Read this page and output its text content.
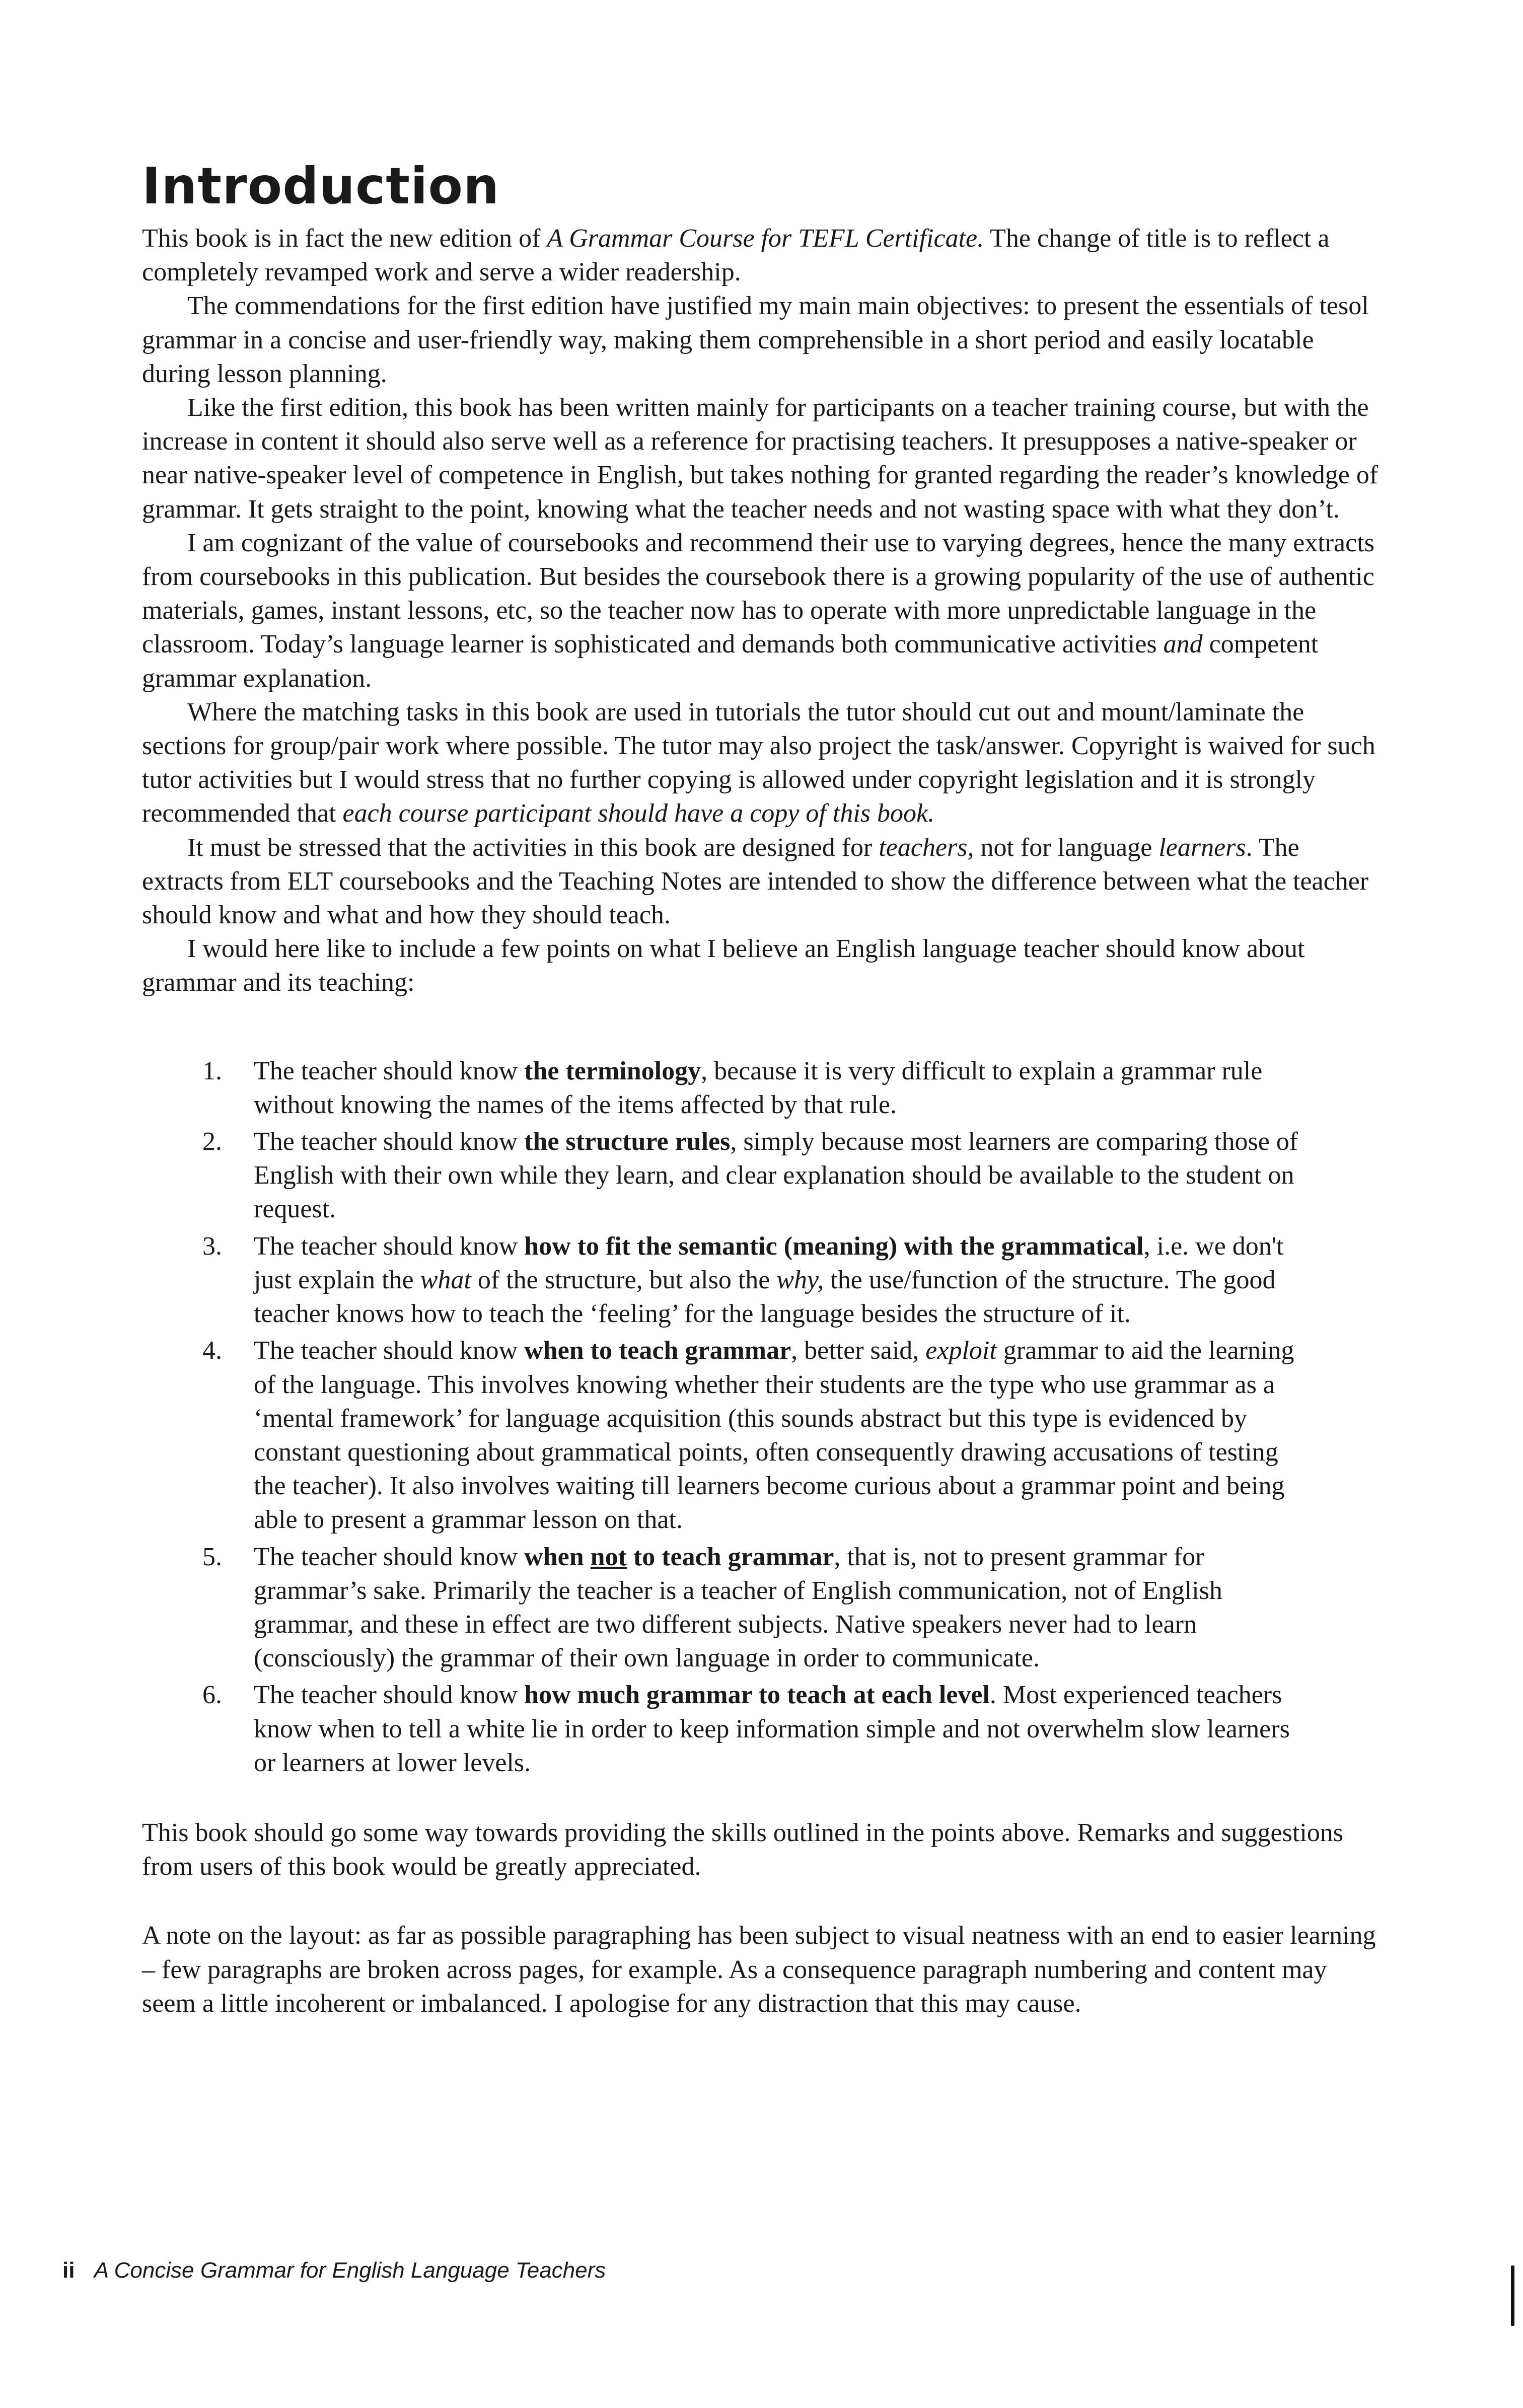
Introduction

This book is in fact the new edition of A Grammar Course for TEFL Certificate. The change of title is to reflect a completely revamped work and serve a wider readership.

The commendations for the first edition have justified my main main objectives: to present the essentials of tesol grammar in a concise and user-friendly way, making them comprehensible in a short period and easily locatable during lesson planning.

Like the first edition, this book has been written mainly for participants on a teacher training course, but with the increase in content it should also serve well as a reference for practising teachers. It presupposes a native-speaker or near native-speaker level of competence in English, but takes nothing for granted regarding the reader’s knowledge of grammar. It gets straight to the point, knowing what the teacher needs and not wasting space with what they don’t.

I am cognizant of the value of coursebooks and recommend their use to varying degrees, hence the many extracts from coursebooks in this publication. But besides the coursebook there is a growing popularity of the use of authentic materials, games, instant lessons, etc, so the teacher now has to operate with more unpredictable language in the classroom. Today’s language learner is sophisticated and demands both communicative activities and competent grammar explanation.

Where the matching tasks in this book are used in tutorials the tutor should cut out and mount/laminate the sections for group/pair work where possible. The tutor may also project the task/answer. Copyright is waived for such tutor activities but I would stress that no further copying is allowed under copyright legislation and it is strongly recommended that each course participant should have a copy of this book.

It must be stressed that the activities in this book are designed for teachers, not for language learners. The extracts from ELT coursebooks and the Teaching Notes are intended to show the difference between what the teacher should know and what and how they should teach.

I would here like to include a few points on what I believe an English language teacher should know about grammar and its teaching:

1. The teacher should know the terminology, because it is very difficult to explain a grammar rule without knowing the names of the items affected by that rule.
2. The teacher should know the structure rules, simply because most learners are comparing those of English with their own while they learn, and clear explanation should be available to the student on request.
3. The teacher should know how to fit the semantic (meaning) with the grammatical, i.e. we don't just explain the what of the structure, but also the why, the use/function of the structure. The good teacher knows how to teach the ‘feeling’ for the language besides the structure of it.
4. The teacher should know when to teach grammar, better said, exploit grammar to aid the learning of the language. This involves knowing whether their students are the type who use grammar as a ‘mental framework’ for language acquisition (this sounds abstract but this type is evidenced by constant questioning about grammatical points, often consequently drawing accusations of testing the teacher). It also involves waiting till learners become curious about a grammar point and being able to present a grammar lesson on that.
5. The teacher should know when not to teach grammar, that is, not to present grammar for grammar’s sake. Primarily the teacher is a teacher of English communication, not of English grammar, and these in effect are two different subjects. Native speakers never had to learn (consciously) the grammar of their own language in order to communicate.
6. The teacher should know how much grammar to teach at each level. Most experienced teachers know when to tell a white lie in order to keep information simple and not overwhelm slow learners or learners at lower levels.

This book should go some way towards providing the skills outlined in the points above. Remarks and suggestions from users of this book would be greatly appreciated.

A note on the layout: as far as possible paragraphing has been subject to visual neatness with an end to easier learning – few paragraphs are broken across pages, for example. As a consequence paragraph numbering and content may seem a little incoherent or imbalanced. I apologise for any distraction that this may cause.

ii A Concise Grammar for English Language Teachers
